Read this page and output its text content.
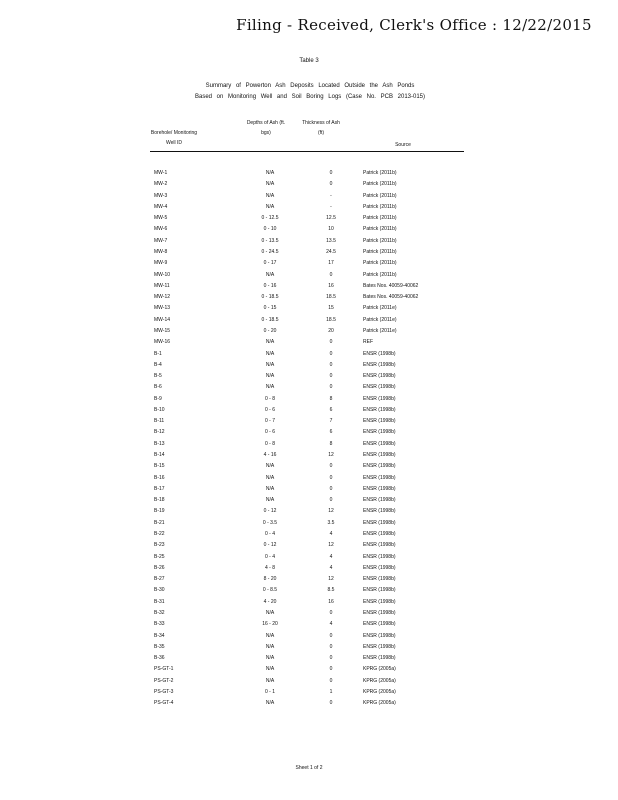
Filing - Received, Clerk's Office : 12/22/2015
Table 3
Summary of Powerton Ash Deposits Located Outside the Ash Ponds
Based on Monitoring Well and Soil Boring Logs (Case No. PCB 2013-015)
Borehole/ Monitoring Well ID
Depths of Ash (ft. bgs)
Thickness of Ash (ft)
Source
MW-1	N/A	0	Patrick (2011b)
MW-2	N/A	0	Patrick (2011b)
MW-3	N/A	-	Patrick (2011b)
MW-4	N/A	-	Patrick (2011b)
MW-5	0 - 12.5	12.5	Patrick (2011b)
MW-6	0 - 10	10	Patrick (2011b)
MW-7	0 - 13.5	13.5	Patrick (2011b)
MW-8	0 - 24.5	24.5	Patrick (2011b)
MW-9	0 - 17	17	Patrick (2011b)
MW-10	N/A	0	Patrick (2011b)
MW-11	0 - 16	16	Bates Nos. 40059-40062
MW-12	0 - 18.5	18.5	Bates Nos. 40059-40062
MW-13	0 - 15	15	Patrick (2011e)
MW-14	0 - 18.5	18.5	Patrick (2011e)
MW-15	0 - 20	20	Patrick (2011e)
MW-16	N/A	0	REF
B-1	N/A	0	ENSR (1998b)
B-4	N/A	0	ENSR (1998b)
B-5	N/A	0	ENSR (1998b)
B-6	N/A	0	ENSR (1998b)
B-9	0 - 8	8	ENSR (1998b)
B-10	0 - 6	6	ENSR (1998b)
B-11	0 - 7	7	ENSR (1998b)
B-12	0 - 6	6	ENSR (1998b)
B-13	0 - 8	8	ENSR (1998b)
B-14	4 - 16	12	ENSR (1998b)
B-15	N/A	0	ENSR (1998b)
B-16	N/A	0	ENSR (1998b)
B-17	N/A	0	ENSR (1998b)
B-18	N/A	0	ENSR (1998b)
B-19	0 - 12	12	ENSR (1998b)
B-21	0 - 3.5	3.5	ENSR (1998b)
B-22	0 - 4	4	ENSR (1998b)
B-23	0 - 12	12	ENSR (1998b)
B-25	0 - 4	4	ENSR (1998b)
B-26	4 - 8	4	ENSR (1998b)
B-27	8 - 20	12	ENSR (1998b)
B-30	0 - 8.5	8.5	ENSR (1998b)
B-31	4 - 20	16	ENSR (1998b)
B-32	N/A	0	ENSR (1998b)
B-33	16 - 20	4	ENSR (1998b)
B-34	N/A	0	ENSR (1998b)
B-35	N/A	0	ENSR (1998b)
B-36	N/A	0	ENSR (1998b)
PS-GT-1	N/A	0	KPRG (2005a)
PS-GT-2	N/A	0	KPRG (2005a)
PS-GT-3	0 - 1	1	KPRG (2005a)
PS-GT-4	N/A	0	KPRG (2005a)
Sheet 1 of 2
